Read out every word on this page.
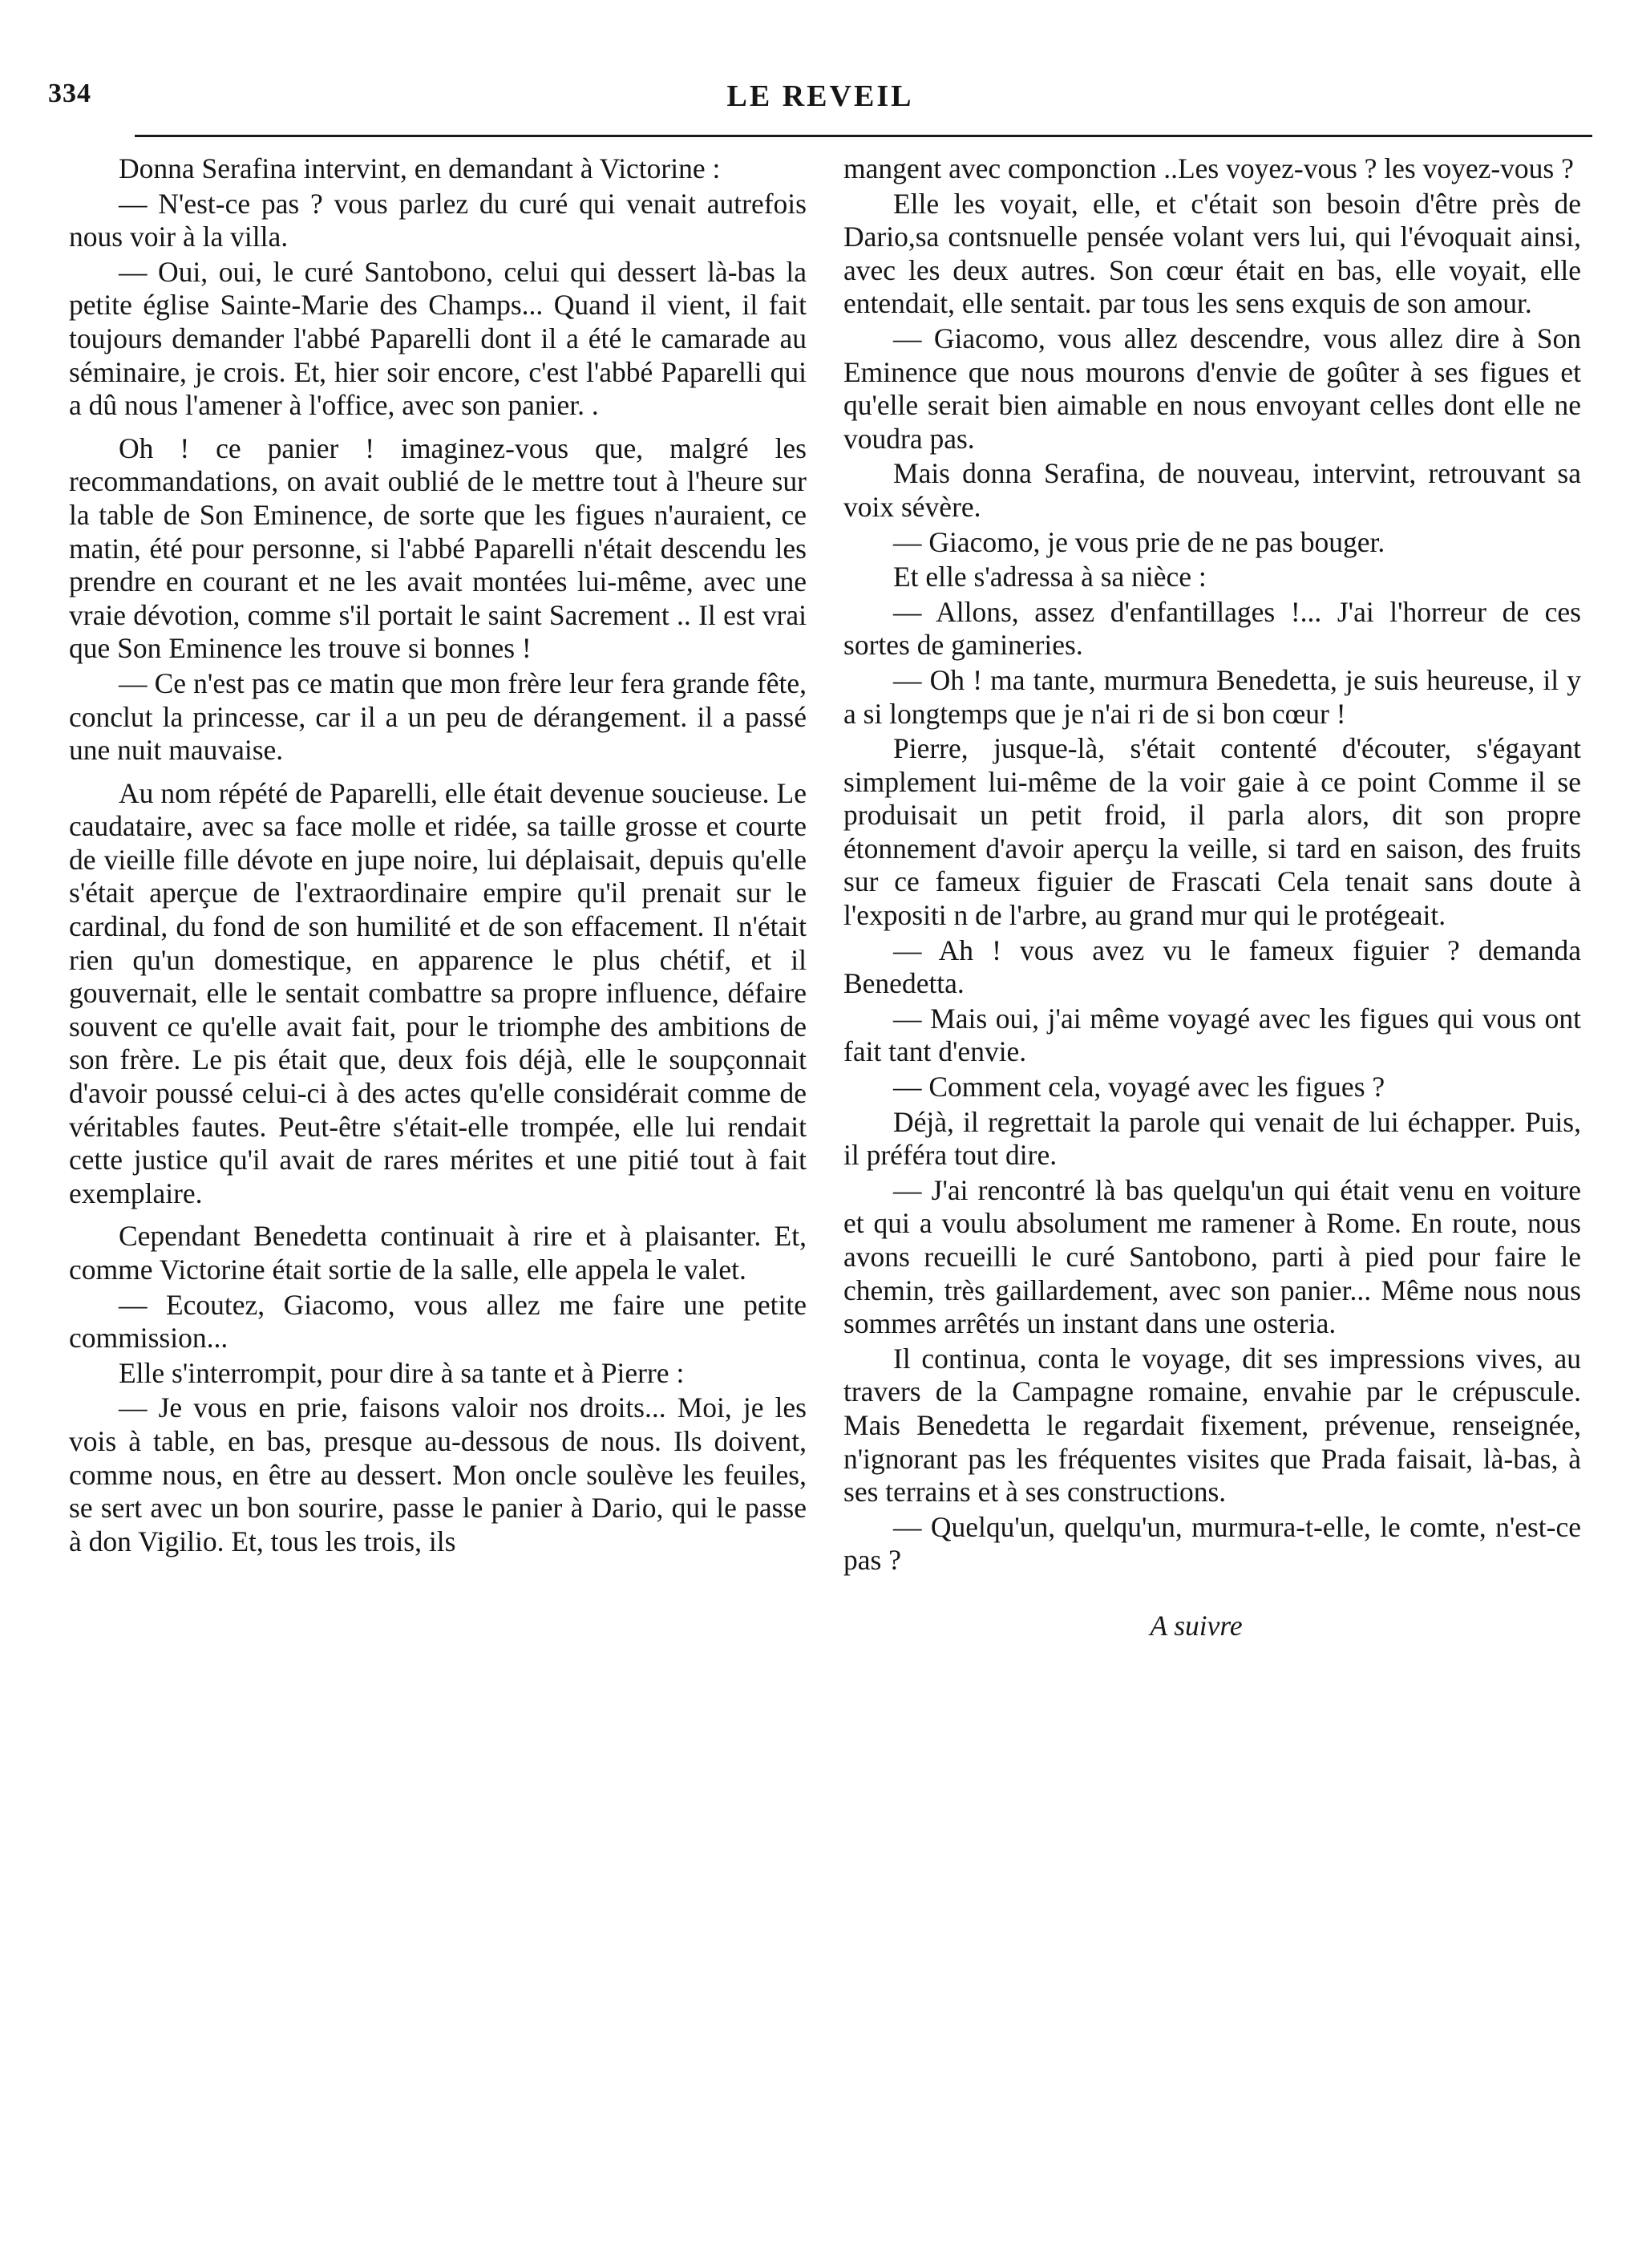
334	LE REVEIL

Donna Serafina intervint, en demandant à Victorine :

— N'est-ce pas ? vous parlez du curé qui venait autrefois nous voir à la villa.

— Oui, oui, le curé Santobono, celui qui dessert là-bas la petite église Sainte-Marie des Champs... Quand il vient, il fait toujours demander l'abbé Paparelli dont il a été le camarade au séminaire, je crois. Et, hier soir encore, c'est l'abbé Paparelli qui a dû nous l'amener à l'office, avec son panier. .

Oh ! ce panier ! imaginez-vous que, malgré les recommandations, on avait oublié de le mettre tout à l'heure sur la table de Son Eminence, de sorte que les figues n'auraient, ce matin, été pour personne, si l'abbé Paparelli n'était descendu les prendre en courant et ne les avait montées lui-même, avec une vraie dévotion, comme s'il portait le saint Sacrement .. Il est vrai que Son Eminence les trouve si bonnes !

— Ce n'est pas ce matin que mon frère leur fera grande fête, conclut la princesse, car il a un peu de dérangement. il a passé une nuit mauvaise.

Au nom répété de Paparelli, elle était devenue soucieuse. Le caudataire, avec sa face molle et ridée, sa taille grosse et courte de vieille fille dévote en jupe noire, lui déplaisait, depuis qu'elle s'était aperçue de l'extraordinaire empire qu'il prenait sur le cardinal, du fond de son humilité et de son effacement. Il n'était rien qu'un domestique, en apparence le plus chétif, et il gouvernait, elle le sentait combattre sa propre influence, défaire souvent ce qu'elle avait fait, pour le triomphe des ambitions de son frère. Le pis était que, deux fois déjà, elle le soupçonnait d'avoir poussé celui-ci à des actes qu'elle considérait comme de véritables fautes. Peut-être s'était-elle trompée, elle lui rendait cette justice qu'il avait de rares mérites et une pitié tout à fait exemplaire.

Cependant Benedetta continuait à rire et à plaisanter. Et, comme Victorine était sortie de la salle, elle appela le valet.

— Ecoutez, Giacomo, vous allez me faire une petite commission...

Elle s'interrompit, pour dire à sa tante et à Pierre :

— Je vous en prie, faisons valoir nos droits... Moi, je les vois à table, en bas, presque au-dessous de nous. Ils doivent, comme nous, en être au dessert. Mon oncle soulève les feuiles, se sert avec un bon sourire, passe le panier à Dario, qui le passe à don Vigilio. Et, tous les trois, ils

mangent avec componction ..Les voyez-vous ? les voyez-vous ?

Elle les voyait, elle, et c'était son besoin d'être près de Dario,sa contsnuelle pensée volant vers lui, qui l'évoquait ainsi, avec les deux autres. Son cœur était en bas, elle voyait, elle entendait, elle sentait. par tous les sens exquis de son amour.

— Giacomo, vous allez descendre, vous allez dire à Son Eminence que nous mourons d'envie de goûter à ses figues et qu'elle serait bien aimable en nous envoyant celles dont elle ne voudra pas.

Mais donna Serafina, de nouveau, intervint, retrouvant sa voix sévère.

— Giacomo, je vous prie de ne pas bouger.

Et elle s'adressa à sa nièce :

— Allons, assez d'enfantillages !... J'ai l'horreur de ces sortes de gamineries.

— Oh ! ma tante, murmura Benedetta, je suis heureuse, il y a si longtemps que je n'ai ri de si bon cœur !

Pierre, jusque-là, s'était contenté d'écouter, s'égayant simplement lui-même de la voir gaie à ce point Comme il se produisait un petit froid, il parla alors, dit son propre étonnement d'avoir aperçu la veille, si tard en saison, des fruits sur ce fameux figuier de Frascati Cela tenait sans doute à l'expositi n de l'arbre, au grand mur qui le protégeait.

— Ah ! vous avez vu le fameux figuier ? demanda Benedetta.

— Mais oui, j'ai même voyagé avec les figues qui vous ont fait tant d'envie.

— Comment cela, voyagé avec les figues ?

Déjà, il regrettait la parole qui venait de lui échapper. Puis, il préféra tout dire.

— J'ai rencontré là bas quelqu'un qui était venu en voiture et qui a voulu absolument me ramener à Rome. En route, nous avons recueilli le curé Santobono, parti à pied pour faire le chemin, très gaillardement, avec son panier... Même nous nous sommes arrêtés un instant dans une osteria.

Il continua, conta le voyage, dit ses impressions vives, au travers de la Campagne romaine, envahie par le crépuscule. Mais Benedetta le regardait fixement, prévenue, renseignée, n'ignorant pas les fréquentes visites que Prada faisait, là-bas, à ses terrains et à ses constructions.

— Quelqu'un, quelqu'un, murmura-t-elle, le comte, n'est-ce pas ?

A suivre
